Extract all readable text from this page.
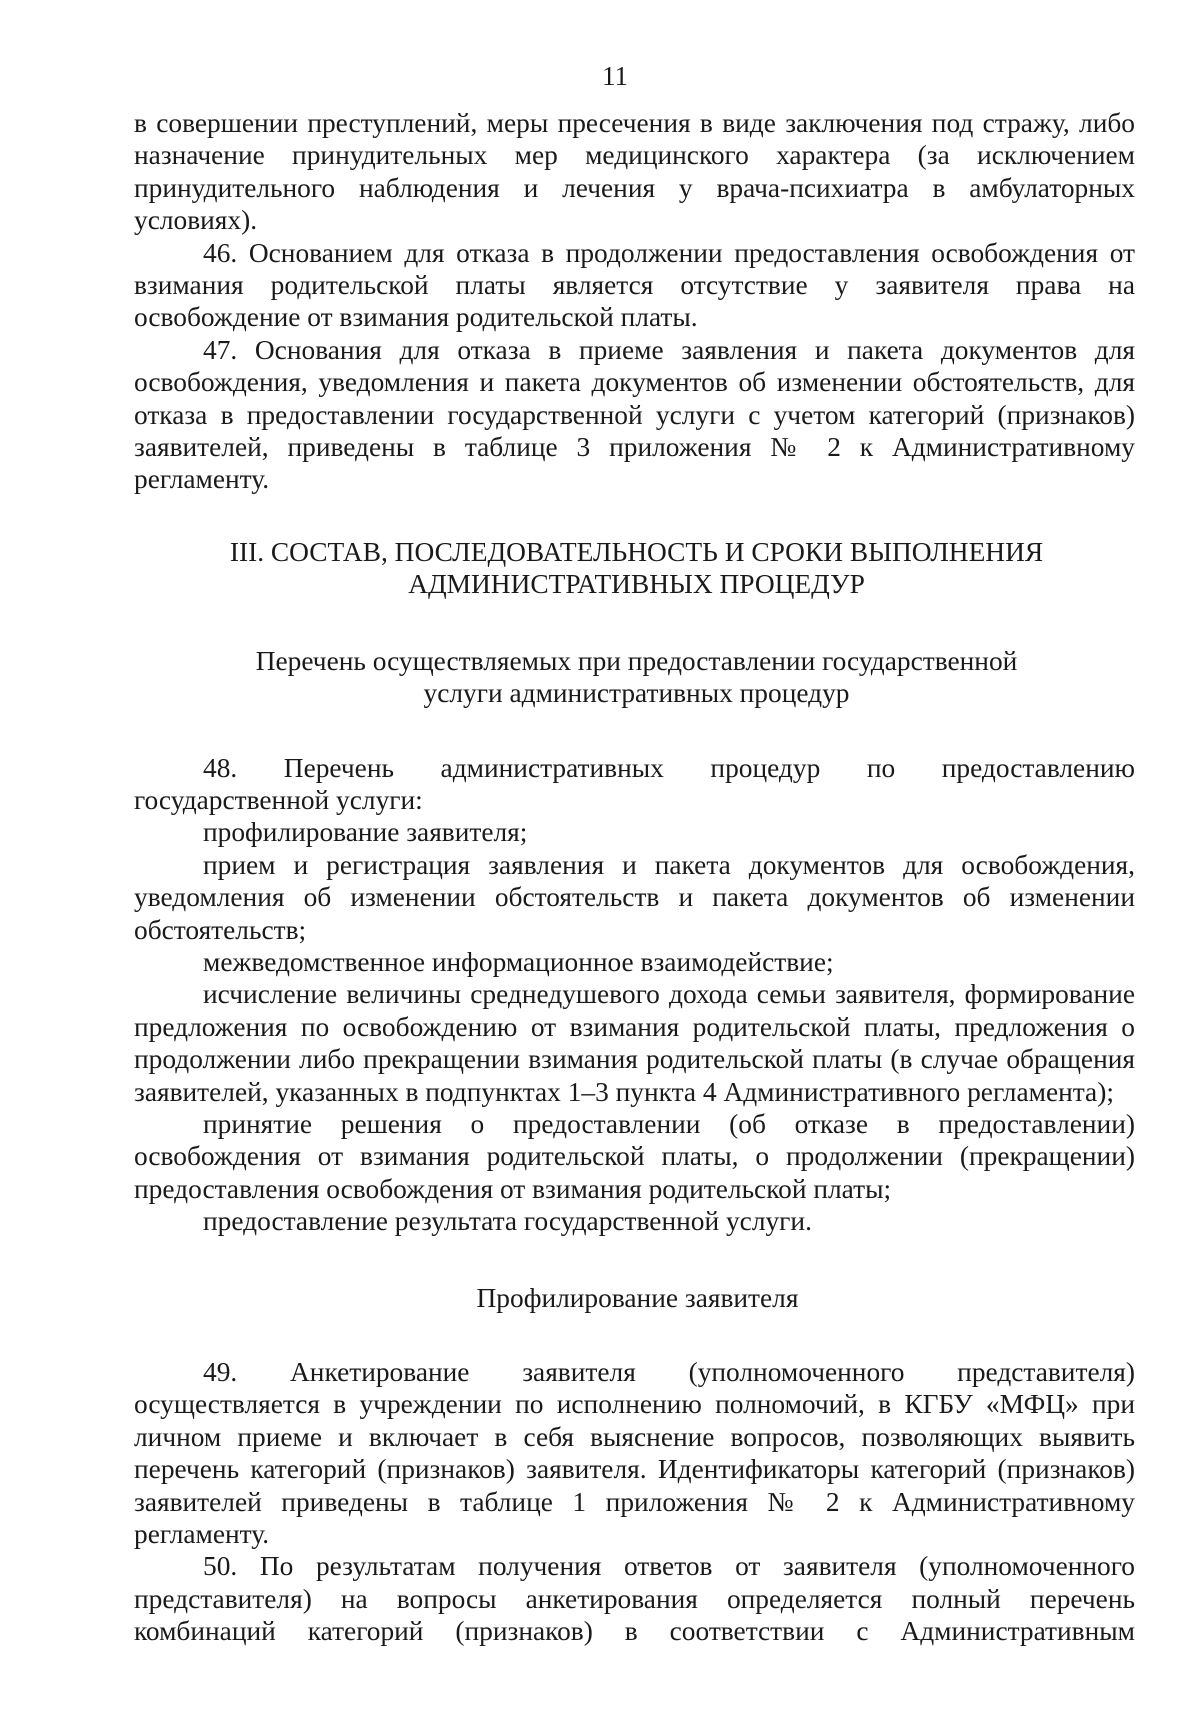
11

в совершении преступлений, меры пресечения в виде заключения под стражу, либо назначение принудительных мер медицинского характера (за исключением принудительного наблюдения и лечения у врача-психиатра в амбулаторных условиях).

46. Основанием для отказа в продолжении предоставления освобождения от взимания родительской платы является отсутствие у заявителя права на освобождение от взимания родительской платы.

47. Основания для отказа в приеме заявления и пакета документов для освобождения, уведомления и пакета документов об изменении обстоятельств, для отказа в предоставлении государственной услуги с учетом категорий (признаков) заявителей, приведены в таблице 3 приложения № 2 к Административному регламенту.

III. СОСТАВ, ПОСЛЕДОВАТЕЛЬНОСТЬ И СРОКИ ВЫПОЛНЕНИЯ
АДМИНИСТРАТИВНЫХ ПРОЦЕДУР
Перечень осуществляемых при предоставлении государственной
услуги административных процедур

48. Перечень административных процедур по предоставлению государственной услуги:

профилирование заявителя;

прием и регистрация заявления и пакета документов для освобождения, уведомления об изменении обстоятельств и пакета документов об изменении обстоятельств;

межведомственное информационное взаимодействие;

исчисление величины среднедушевого дохода семьи заявителя, формирование предложения по освобождению от взимания родительской платы, предложения о продолжении либо прекращении взимания родительской платы (в случае обращения заявителей, указанных в подпунктах 1–3 пункта 4 Административного регламента);

принятие решения о предоставлении (об отказе в предоставлении) освобождения от взимания родительской платы, о продолжении (прекращении) предоставления освобождения от взимания родительской платы;

предоставление результата государственной услуги.

Профилирование заявителя

49. Анкетирование заявителя (уполномоченного представителя) осуществляется в учреждении по исполнению полномочий, в КГБУ «МФЦ» при личном приеме и включает в себя выяснение вопросов, позволяющих выявить перечень категорий (признаков) заявителя. Идентификаторы категорий (признаков) заявителей приведены в таблице 1 приложения № 2 к Административному регламенту.

50. По результатам получения ответов от заявителя (уполномоченного представителя) на вопросы анкетирования определяется полный перечень комбинаций категорий (признаков) в соответствии с Административным
